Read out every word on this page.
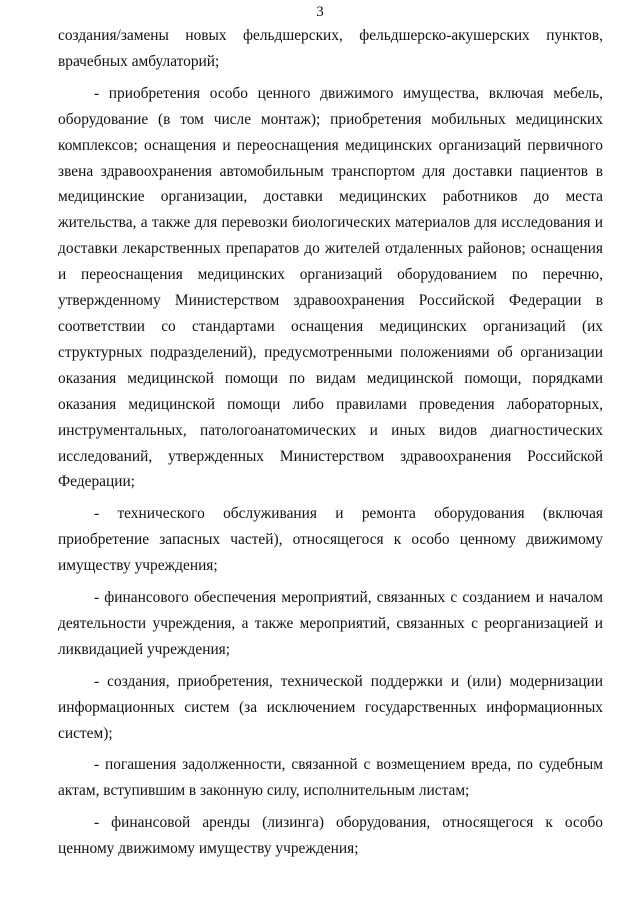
3

создания/замены новых фельдшерских, фельдшерско-акушерских пунктов, врачебных амбулаторий;

- приобретения особо ценного движимого имущества, включая мебель, оборудование (в том числе монтаж); приобретения мобильных медицинских комплексов; оснащения и переоснащения медицинских организаций первичного звена здравоохранения автомобильным транспортом для доставки пациентов в медицинские организации, доставки медицинских работников до места жительства, а также для перевозки биологических материалов для исследования и доставки лекарственных препаратов до жителей отдаленных районов; оснащения и переоснащения медицинских организаций оборудованием по перечню, утвержденному Министерством здравоохранения Российской Федерации в соответствии со стандартами оснащения медицинских организаций (их структурных подразделений), предусмотренными положениями об организации оказания медицинской помощи по видам медицинской помощи, порядками оказания медицинской помощи либо правилами проведения лабораторных, инструментальных, патологоанатомических и иных видов диагностических исследований, утвержденных Министерством здравоохранения Российской Федерации;

- технического обслуживания и ремонта оборудования (включая приобретение запасных частей), относящегося к особо ценному движимому имуществу учреждения;

- финансового обеспечения мероприятий, связанных с созданием и началом деятельности учреждения, а также мероприятий, связанных с реорганизацией и ликвидацией учреждения;

- создания, приобретения, технической поддержки и (или) модернизации информационных систем (за исключением государственных информационных систем);

- погашения задолженности, связанной с возмещением вреда, по судебным актам, вступившим в законную силу, исполнительным листам;

- финансовой аренды (лизинга) оборудования, относящегося к особо ценному движимому имуществу учреждения;
